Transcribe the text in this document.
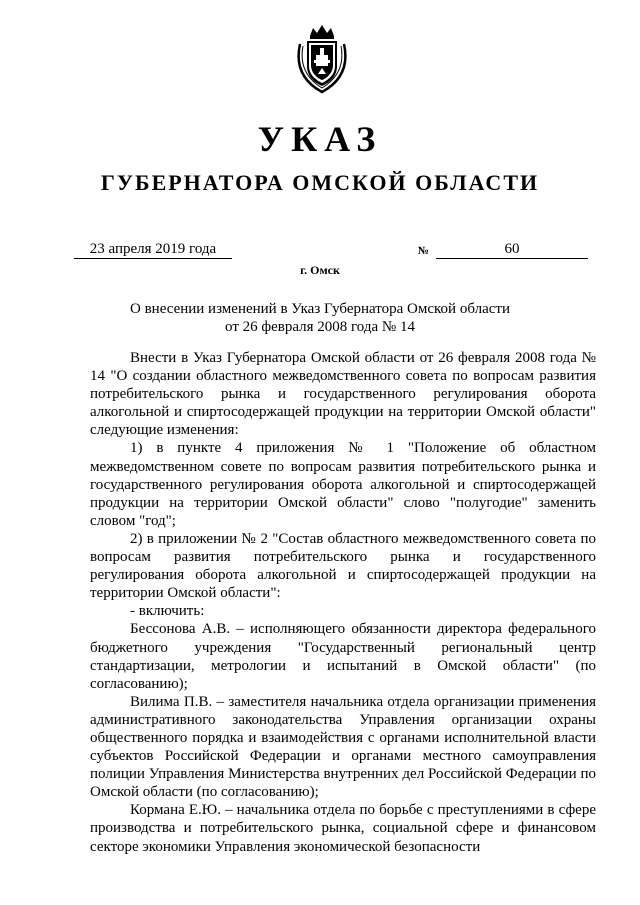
УКАЗ
ГУБЕРНАТОРА ОМСКОЙ ОБЛАСТИ
23 апреля 2019 года	№	60
г. Омск
О внесении изменений в Указ Губернатора Омской области
от 26 февраля 2008 года № 14

Внести в Указ Губернатора Омской области от 26 февраля 2008 года № 14 "О создании областного межведомственного совета по вопросам развития потребительского рынка и государственного регулирования оборота алкогольной и спиртосодержащей продукции на территории Омской области" следующие изменения:

1) в пункте 4 приложения № 1 "Положение об областном межведомственном совете по вопросам развития потребительского рынка и государственного регулирования оборота алкогольной и спиртосодержащей продукции на территории Омской области" слово "полугодие" заменить словом "год";

2) в приложении № 2 "Состав областного межведомственного совета по вопросам развития потребительского рынка и государственного регулирования оборота алкогольной и спиртосодержащей продукции на территории Омской области":

- включить:

Бессонова А.В. – исполняющего обязанности директора федерального бюджетного учреждения "Государственный региональный центр стандартизации, метрологии и испытаний в Омской области" (по согласованию);

Вилима П.В. – заместителя начальника отдела организации применения административного законодательства Управления организации охраны общественного порядка и взаимодействия с органами исполнительной власти субъектов Российской Федерации и органами местного самоуправления полиции Управления Министерства внутренних дел Российской Федерации по Омской области (по согласованию);

Кормана Е.Ю. – начальника отдела по борьбе с преступлениями в сфере производства и потребительского рынка, социальной сфере и финансовом секторе экономики Управления экономической безопасности
